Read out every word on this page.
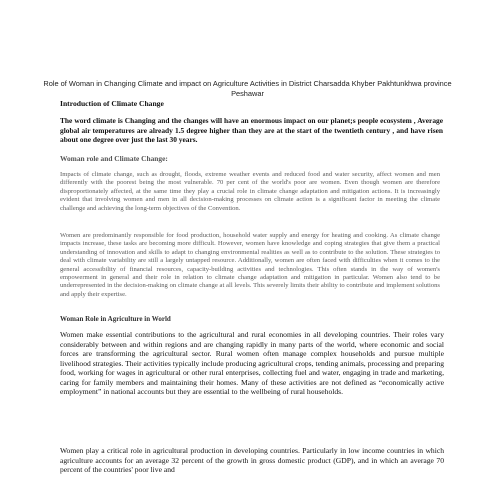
Role of Woman in Changing Climate and impact on Agriculture Activities in District Charsadda Khyber Pakhtunkhwa province Peshawar
Introduction of Climate Change
The word climate is Changing and the changes will have an enormous impact on our planet;s people ecosystem , Average global air temperatures are already 1.5 degree higher than they are at the start of the twentieth century , and have risen about one degree over just the last 30 years.
Woman role and Climate Change:
Impacts of climate change, such as drought, floods, extreme weather events and reduced food and water security, affect women and men differently with the poorest being the most vulnerable. 70 per cent of the world's poor are women. Even though women are therefore disproportionately affected, at the same time they play a crucial role in climate change adaptation and mitigation actions. It is increasingly evident that involving women and men in all decision-making processes on climate action is a significant factor in meeting the climate challenge and achieving the long-term objectives of the Convention.
Women are predominantly responsible for food production, household water supply and energy for heating and cooking. As climate change impacts increase, these tasks are becoming more difficult. However, women have knowledge and coping strategies that give them a practical understanding of innovation and skills to adapt to changing environmental realities as well as to contribute to the solution. These strategies to deal with climate variability are still a largely untapped resource. Additionally, women are often faced with difficulties when it comes to the general accessibility of financial resources, capacity-building activities and technologies. This often stands in the way of women's empowerment in general and their role in relation to climate change adaptation and mitigation in particular. Women also tend to be underrepresented in the decision-making on climate change at all levels. This severely limits their ability to contribute and implement solutions and apply their expertise.
Woman Role in Agriculture in World
Women make essential contributions to the agricultural and rural economies in all developing countries. Their roles vary considerably between and within regions and are changing rapidly in many parts of the world, where economic and social forces are transforming the agricultural sector. Rural women often manage complex households and pursue multiple livelihood strategies. Their activities typically include producing agricultural crops, tending animals, processing and preparing food, working for wages in agricultural or other rural enterprises, collecting fuel and water, engaging in trade and marketing, caring for family members and maintaining their homes. Many of these activities are not defined as “economically active employment” in national accounts but they are essential to the wellbeing of rural households.
Women play a critical role in agricultural production in developing countries. Particularly in low income countries in which agriculture accounts for an average 32 percent of the growth in gross domestic product (GDP), and in which an average 70 percent of the countries' poor live and
